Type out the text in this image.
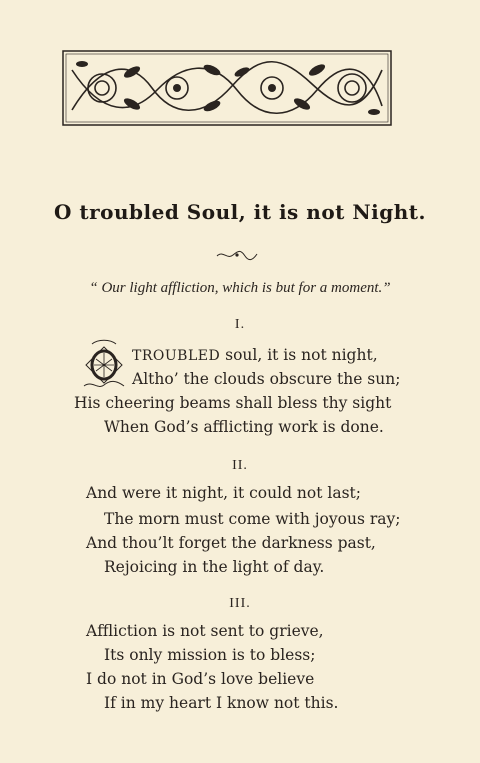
O troubled Soul, it is not Night.
“ Our light affliction, which is but for a moment.”
I.
TROUBLED soul, it is not night,
Altho’ the clouds obscure the sun;
His cheering beams shall bless thy sight
When God’s afflicting work is done.
II.
And were it night, it could not last;
The morn must come with joyous ray;
And thou’lt forget the darkness past,
Rejoicing in the light of day.
III.
Affliction is not sent to grieve,
Its only mission is to bless;
I do not in God’s love believe
If in my heart I know not this.
